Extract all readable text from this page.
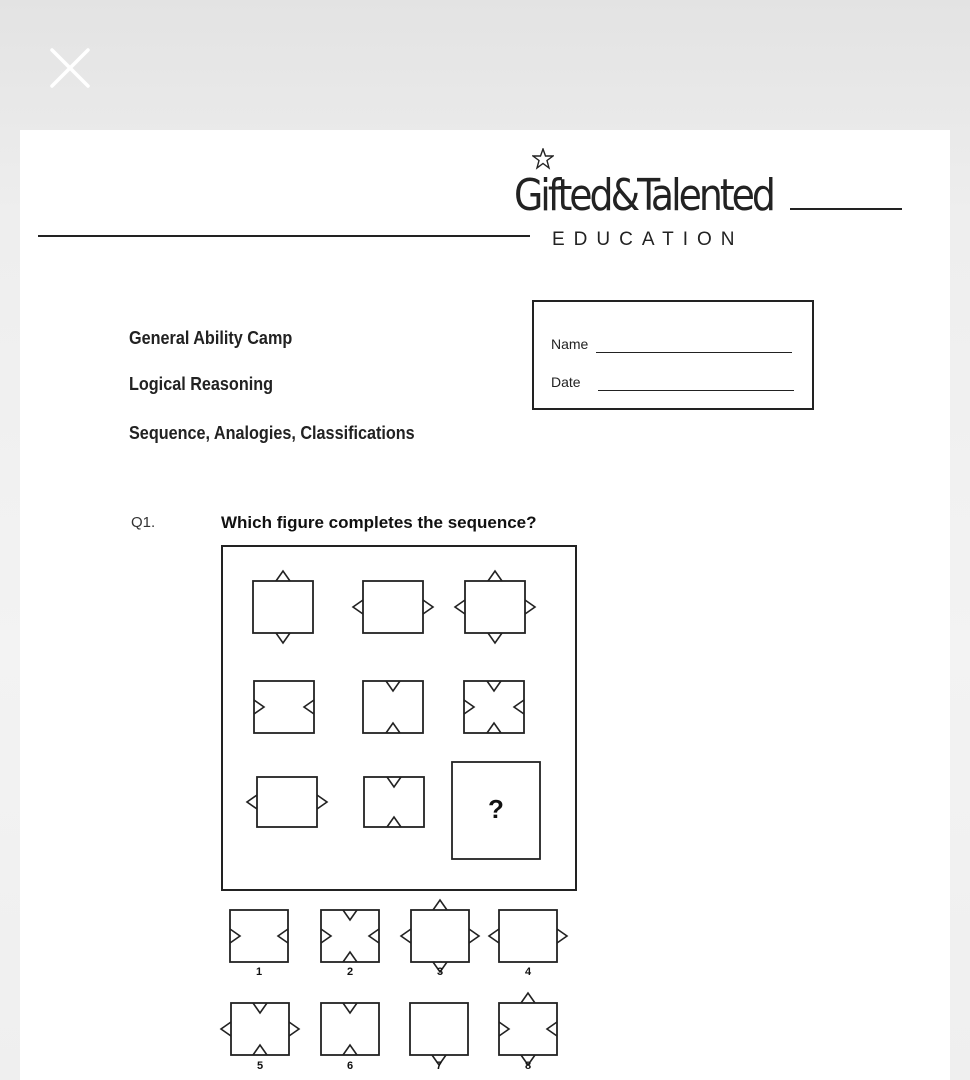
Gifted&Talented
EDUCATION
General Ability Camp
Logical Reasoning
Sequence, Analogies, Classifications
Name
Date
Q1.	Which figure completes the sequence?
?
1	2	3	4
5	6	7	8
